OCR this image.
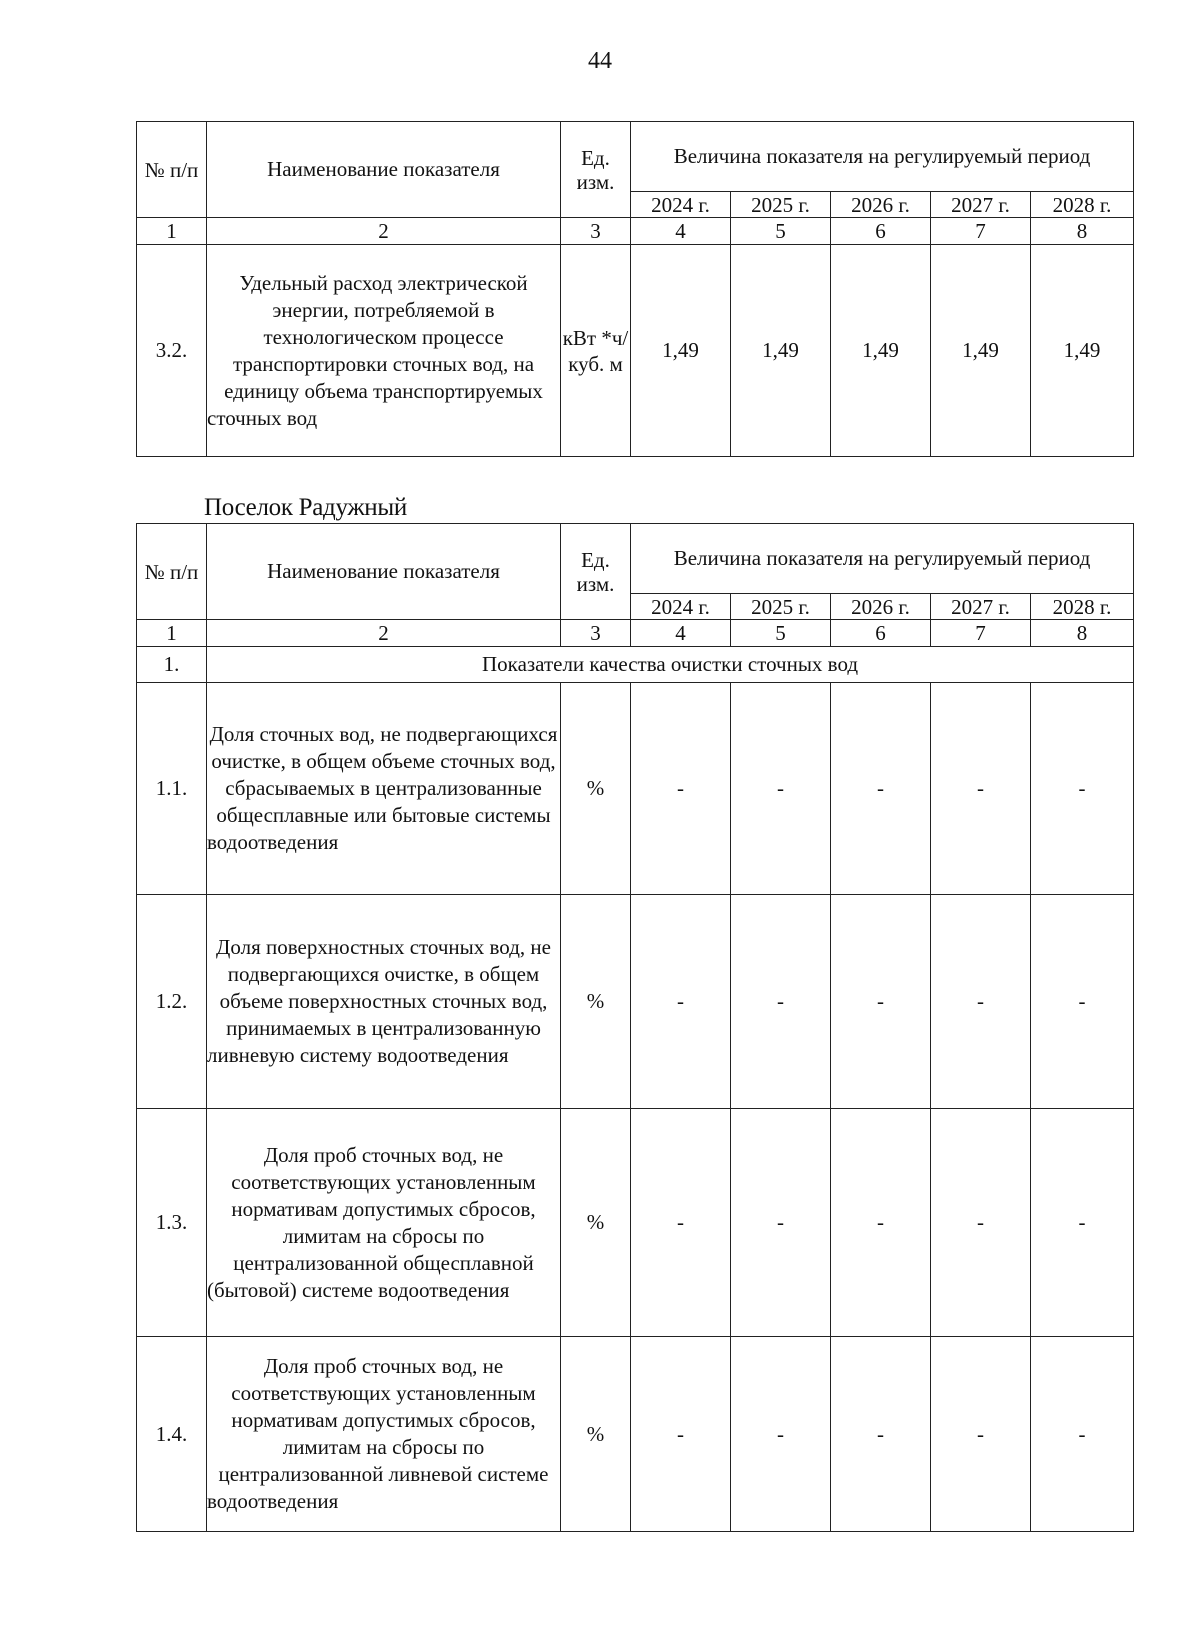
44
№ п/п	Наименование показателя	Ед. изм.	Величина показателя на регулируемый период				
			2024 г.	2025 г.	2026 г.	2027 г.	2028 г.
1	2	3	4	5	6	7	8
3.2.	Удельный расход электрической энергии, потребляемой в технологическом процессе транспортировки сточных вод, на единицу объема транспортируемых сточных вод	кВт *ч/ куб. м	1,49	1,49	1,49	1,49	1,49
Поселок Радужный
№ п/п	Наименование показателя	Ед. изм.	Величина показателя на регулируемый период				
			2024 г.	2025 г.	2026 г.	2027 г.	2028 г.
1	2	3	4	5	6	7	8
1.	Показатели качества очистки сточных вод						
1.1.	Доля сточных вод, не подвергающихся очистке, в общем объеме сточных вод, сбрасываемых в централизованные общесплавные или бытовые системы водоотведения	%	-	-	-	-	-
1.2.	Доля поверхностных сточных вод, не подвергающихся очистке, в общем объеме поверхностных сточных вод, принимаемых в централизованную ливневую систему водоотведения	%	-	-	-	-	-
1.3.	Доля проб сточных вод, не соответствующих установленным нормативам допустимых сбросов, лимитам на сбросы по централизованной общесплавной (бытовой) системе водоотведения	%	-	-	-	-	-
1.4.	Доля проб сточных вод, не соответствующих установленным нормативам допустимых сбросов, лимитам на сбросы по централизованной ливневой системе водоотведения	%	-	-	-	-	-
